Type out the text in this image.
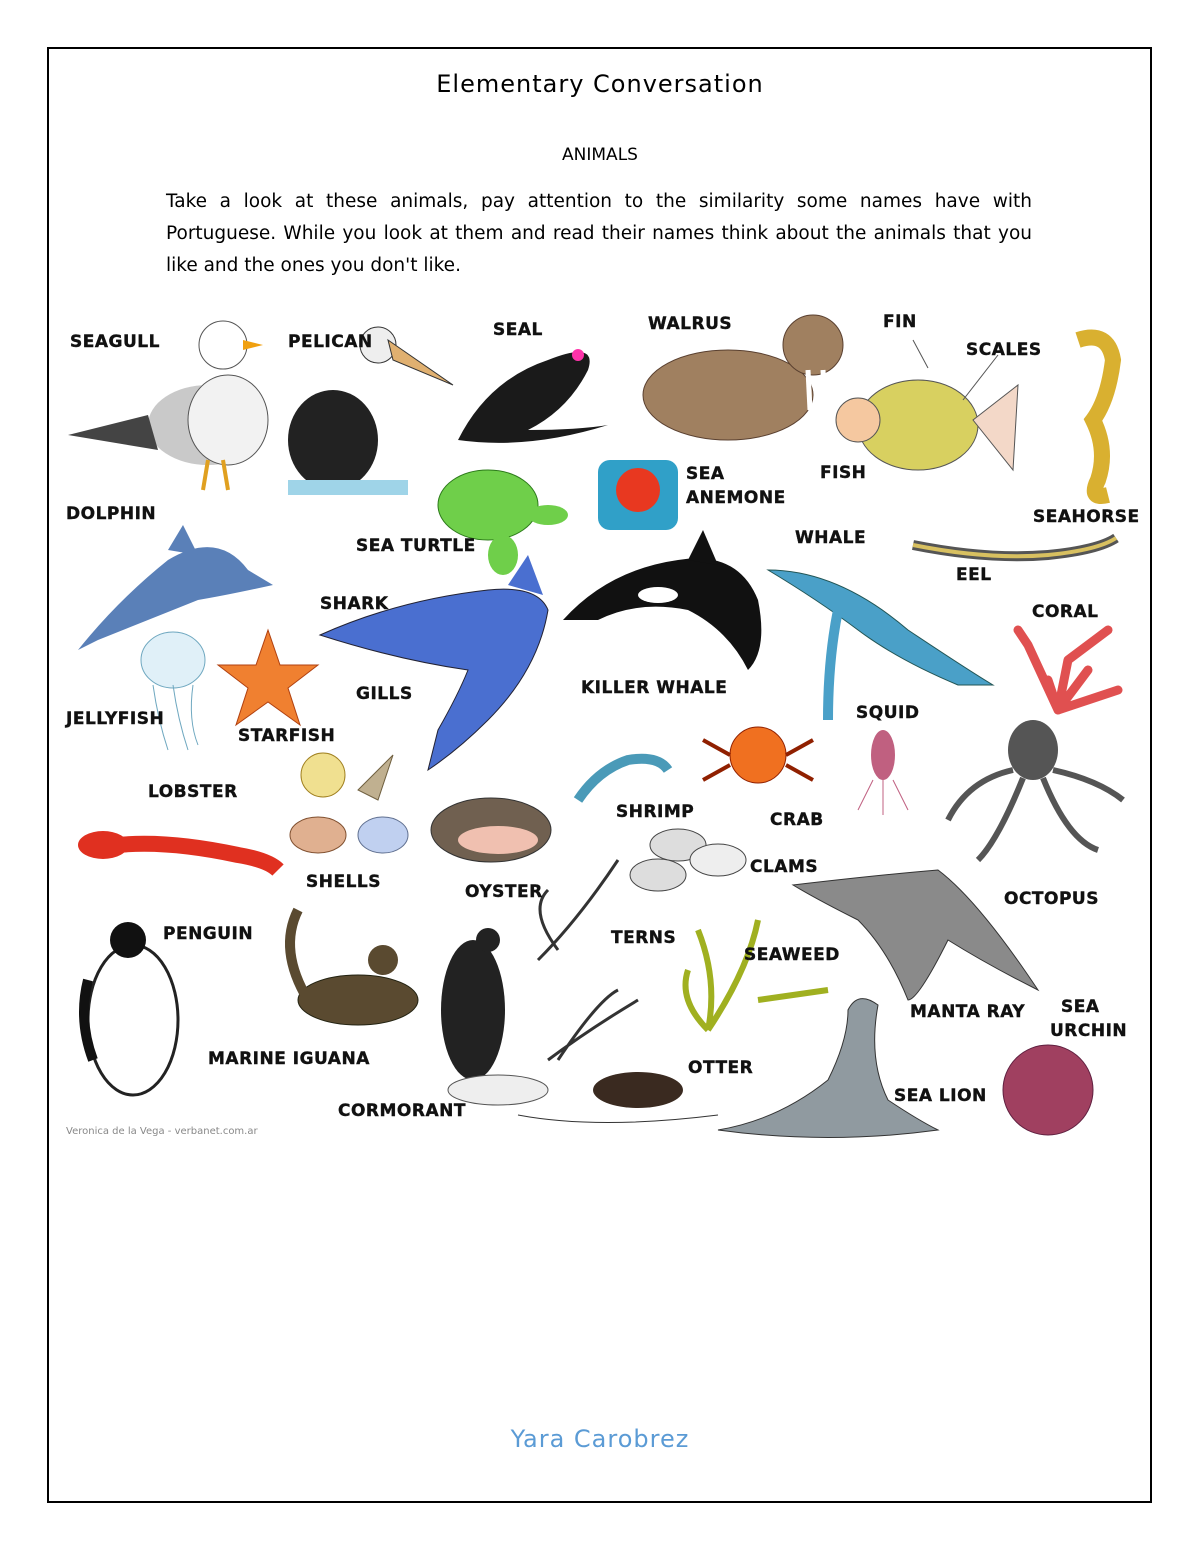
Elementary Conversation
ANIMALS
Take a look at these animals, pay attention to the similarity some names have with Portuguese. While you look at them and read their names think about the animals that you like and the ones you don't like.
SEAGULL	PELICAN
SEAL	WALRUS	FIN
SCALES
SEAHORSE
DOLPHIN
SEA TURTLE
SEA
ANEMONE
FISH
WHALE
EEL
SHARK	CORAL
GILLS	KILLER WHALE
SQUID
JELLYFISH
STARFISH
LOBSTER
SHRIMP	CRAB
CLAMS
SHELLS	OYSTER	OCTOPUS
PENGUIN	TERNS
SEAWEED
MANTA RAY SEA
URCHIN
MARINE IGUANA	OTTER
SEA LION
CORMORANT
Veronica de la Vega - verbanet.com.ar
Yara Carobrez
